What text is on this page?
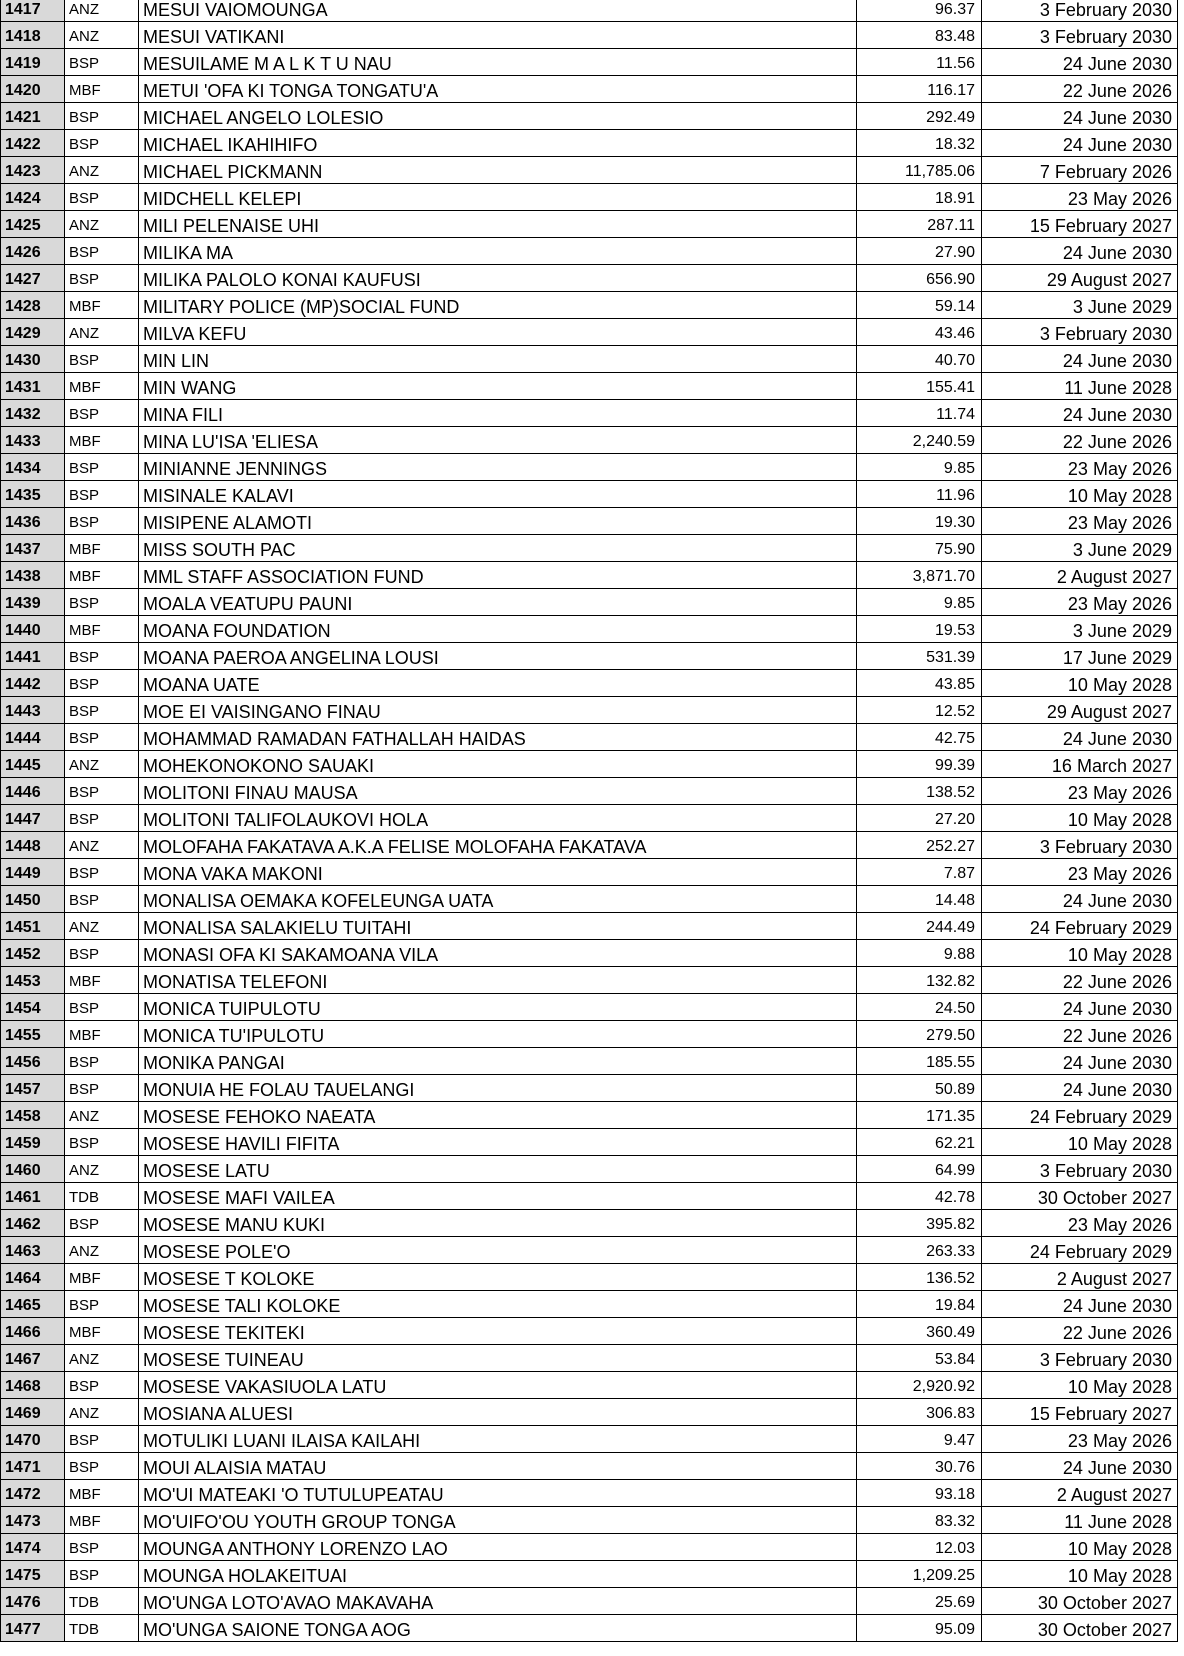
1417	ANZ	MESUI VAIOMOUNGA	96.37	3 February 2030
1418	ANZ	MESUI VATIKANI	83.48	3 February 2030
1419	BSP	MESUILAME M A L K T U NAU	11.56	24 June 2030
1420	MBF	METUI 'OFA KI TONGA TONGATU'A	116.17	22 June 2026
1421	BSP	MICHAEL ANGELO LOLESIO	292.49	24 June 2030
1422	BSP	MICHAEL IKAHIHIFO	18.32	24 June 2030
1423	ANZ	MICHAEL PICKMANN	11,785.06	7 February 2026
1424	BSP	MIDCHELL KELEPI	18.91	23 May 2026
1425	ANZ	MILI PELENAISE UHI	287.11	15 February 2027
1426	BSP	MILIKA MA	27.90	24 June 2030
1427	BSP	MILIKA PALOLO KONAI KAUFUSI	656.90	29 August 2027
1428	MBF	MILITARY POLICE (MP)SOCIAL FUND	59.14	3 June 2029
1429	ANZ	MILVA KEFU	43.46	3 February 2030
1430	BSP	MIN LIN	40.70	24 June 2030
1431	MBF	MIN WANG	155.41	11 June 2028
1432	BSP	MINA FILI	11.74	24 June 2030
1433	MBF	MINA LU'ISA 'ELIESA	2,240.59	22 June 2026
1434	BSP	MINIANNE JENNINGS	9.85	23 May 2026
1435	BSP	MISINALE KALAVI	11.96	10 May 2028
1436	BSP	MISIPENE ALAMOTI	19.30	23 May 2026
1437	MBF	MISS SOUTH PAC	75.90	3 June 2029
1438	MBF	MML STAFF ASSOCIATION FUND	3,871.70	2 August 2027
1439	BSP	MOALA VEATUPU PAUNI	9.85	23 May 2026
1440	MBF	MOANA FOUNDATION	19.53	3 June 2029
1441	BSP	MOANA PAEROA ANGELINA LOUSI	531.39	17 June 2029
1442	BSP	MOANA UATE	43.85	10 May 2028
1443	BSP	MOE EI VAISINGANO FINAU	12.52	29 August 2027
1444	BSP	MOHAMMAD RAMADAN FATHALLAH HAIDAS	42.75	24 June 2030
1445	ANZ	MOHEKONOKONO SAUAKI	99.39	16 March 2027
1446	BSP	MOLITONI FINAU MAUSA	138.52	23 May 2026
1447	BSP	MOLITONI TALIFOLAUKOVI HOLA	27.20	10 May 2028
1448	ANZ	MOLOFAHA FAKATAVA A.K.A FELISE MOLOFAHA FAKATAVA	252.27	3 February 2030
1449	BSP	MONA VAKA MAKONI	7.87	23 May 2026
1450	BSP	MONALISA OEMAKA KOFELEUNGA UATA	14.48	24 June 2030
1451	ANZ	MONALISA SALAKIELU TUITAHI	244.49	24 February 2029
1452	BSP	MONASI OFA KI SAKAMOANA VILA	9.88	10 May 2028
1453	MBF	MONATISA TELEFONI	132.82	22 June 2026
1454	BSP	MONICA TUIPULOTU	24.50	24 June 2030
1455	MBF	MONICA TU'IPULOTU	279.50	22 June 2026
1456	BSP	MONIKA PANGAI	185.55	24 June 2030
1457	BSP	MONUIA HE FOLAU TAUELANGI	50.89	24 June 2030
1458	ANZ	MOSESE FEHOKO NAEATA	171.35	24 February 2029
1459	BSP	MOSESE HAVILI FIFITA	62.21	10 May 2028
1460	ANZ	MOSESE LATU	64.99	3 February 2030
1461	TDB	MOSESE MAFI VAILEA	42.78	30 October 2027
1462	BSP	MOSESE MANU KUKI	395.82	23 May 2026
1463	ANZ	MOSESE POLE'O	263.33	24 February 2029
1464	MBF	MOSESE T KOLOKE	136.52	2 August 2027
1465	BSP	MOSESE TALI KOLOKE	19.84	24 June 2030
1466	MBF	MOSESE TEKITEKI	360.49	22 June 2026
1467	ANZ	MOSESE TUINEAU	53.84	3 February 2030
1468	BSP	MOSESE VAKASIUOLA LATU	2,920.92	10 May 2028
1469	ANZ	MOSIANA ALUESI	306.83	15 February 2027
1470	BSP	MOTULIKI LUANI ILAISA KAILAHI	9.47	23 May 2026
1471	BSP	MOUI ALAISIA MATAU	30.76	24 June 2030
1472	MBF	MO'UI MATEAKI 'O TUTULUPEATAU	93.18	2 August 2027
1473	MBF	MO'UIFO'OU YOUTH GROUP TONGA	83.32	11 June 2028
1474	BSP	MOUNGA ANTHONY LORENZO LAO	12.03	10 May 2028
1475	BSP	MOUNGA HOLAKEITUAI	1,209.25	10 May 2028
1476	TDB	MO'UNGA LOTO'AVAO MAKAVAHA	25.69	30 October 2027
1477	TDB	MO'UNGA SAIONE TONGA AOG	95.09	30 October 2027
